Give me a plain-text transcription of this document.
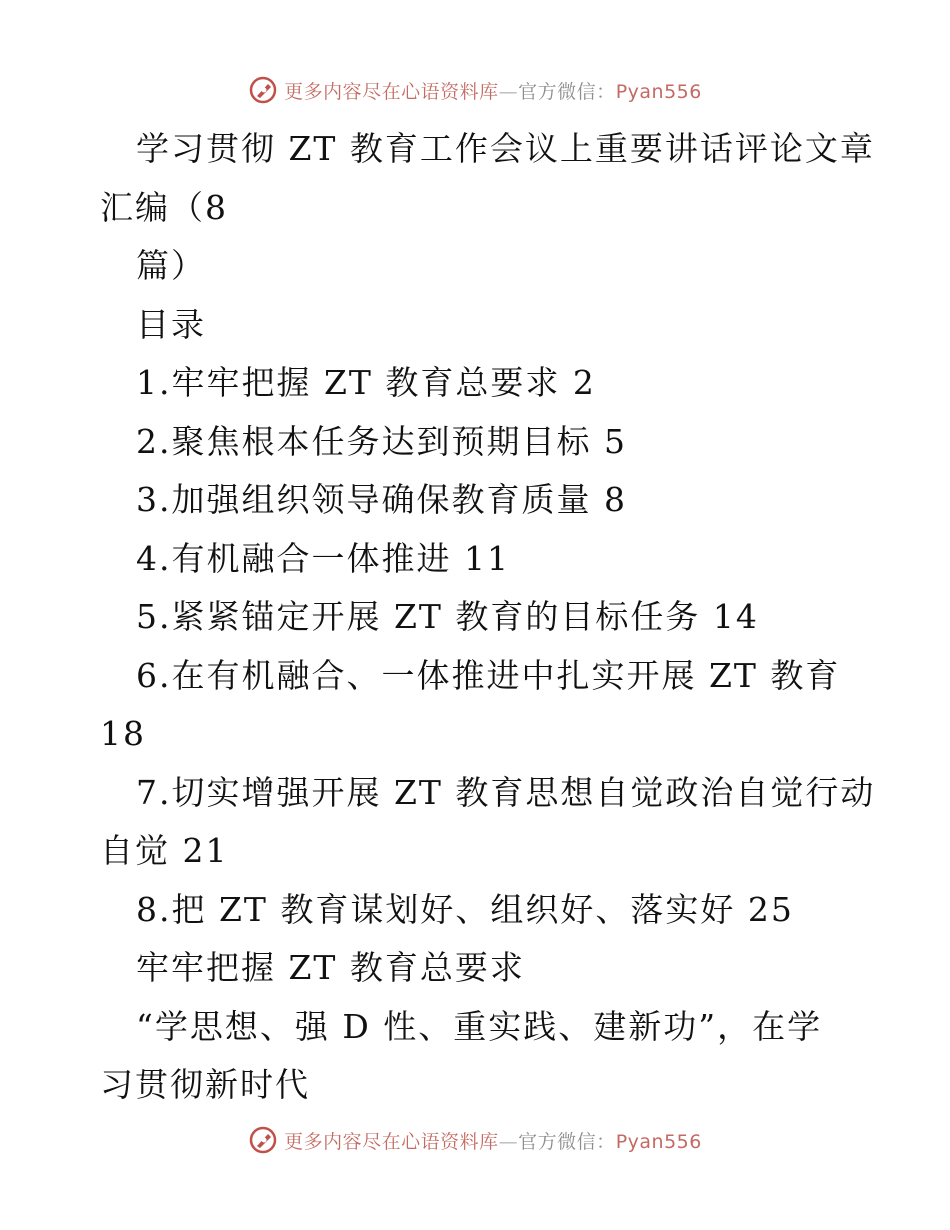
更多内容尽在心语资料库—官方微信：Pyan556
学习贯彻 ZT 教育工作会议上重要讲话评论文章
汇编（8
篇）
目录
1.牢牢把握 ZT 教育总要求 2
2.聚焦根本任务达到预期目标 5
3.加强组织领导确保教育质量 8
4.有机融合一体推进 11
5.紧紧锚定开展 ZT 教育的目标任务 14
6.在有机融合、一体推进中扎实开展 ZT 教育
18
7.切实增强开展 ZT 教育思想自觉政治自觉行动
自觉 21
8.把 ZT 教育谋划好、组织好、落实好 25
牢牢把握 ZT 教育总要求
“学思想、强 D 性、重实践、建新功”，在学
习贯彻新时代
更多内容尽在心语资料库—官方微信：Pyan556
